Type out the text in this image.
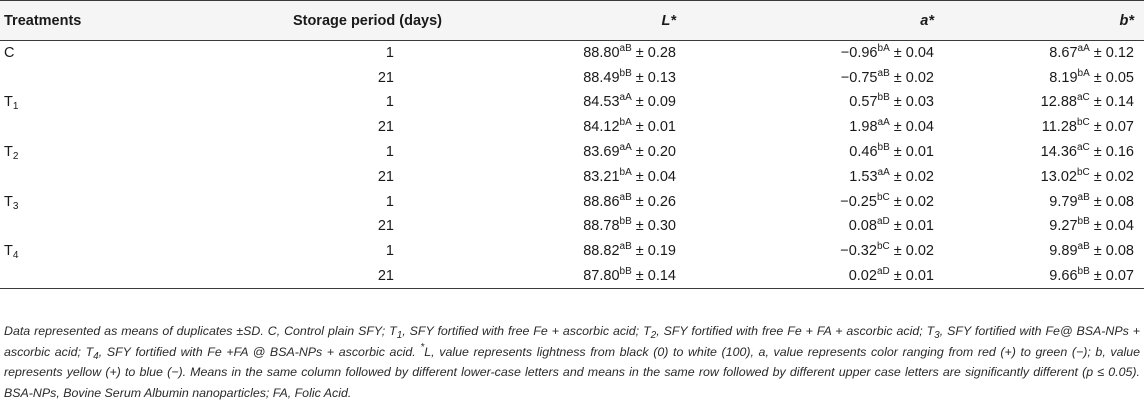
Treatments	Storage period (days)	L*	a*	b*
C	1	$88.80^{aB} \pm 0.28$	$-0.96^{bA} \pm 0.04$	$8.67^{aA} \pm 0.12$
	21	$88.49^{bB} \pm 0.13$	$-0.75^{aB} \pm 0.02$	$8.19^{bA} \pm 0.05$
$T_1$	1	$84.53^{aA} \pm 0.09$	$0.57^{bB} \pm 0.03$	$12.88^{aC} \pm 0.14$
	21	$84.12^{bA} \pm 0.01$	$1.98^{aA} \pm 0.04$	$11.28^{bC} \pm 0.07$
$T_2$	1	$83.69^{aA} \pm 0.20$	$0.46^{bB} \pm 0.01$	$14.36^{aC} \pm 0.16$
	21	$83.21^{bA} \pm 0.04$	$1.53^{aA} \pm 0.02$	$13.02^{bC} \pm 0.02$
$T_3$	1	$88.86^{aB} \pm 0.26$	$-0.25^{bC} \pm 0.02$	$9.79^{aB} \pm 0.08$
	21	$88.78^{bB} \pm 0.30$	$0.08^{aD} \pm 0.01$	$9.27^{bB} \pm 0.04$
$T_4$	1	$88.82^{aB} \pm 0.19$	$-0.32^{bC} \pm 0.02$	$9.89^{aB} \pm 0.08$
	21	$87.80^{bB} \pm 0.14$	$0.02^{aD} \pm 0.01$	$9.66^{bB} \pm 0.07$
Data represented as means of duplicates ±SD. C, Control plain SFY; $T_1$, SFY fortified with free Fe + ascorbic acid; $T_2$, SFY fortified with free Fe + FA + ascorbic acid; $T_3$, SFY fortified with Fe@ BSA-NPs + ascorbic acid; $T_4$, SFY fortified with Fe +FA @ BSA-NPs + ascorbic acid. *L, value represents lightness from black (0) to white (100), a, value represents color ranging from red (+) to green (−); b, value represents yellow (+) to blue (−). Means in the same column followed by different lower-case letters and means in the same row followed by different upper case letters are significantly different (p ≤ 0.05). BSA-NPs, Bovine Serum Albumin nanoparticles; FA, Folic Acid.
